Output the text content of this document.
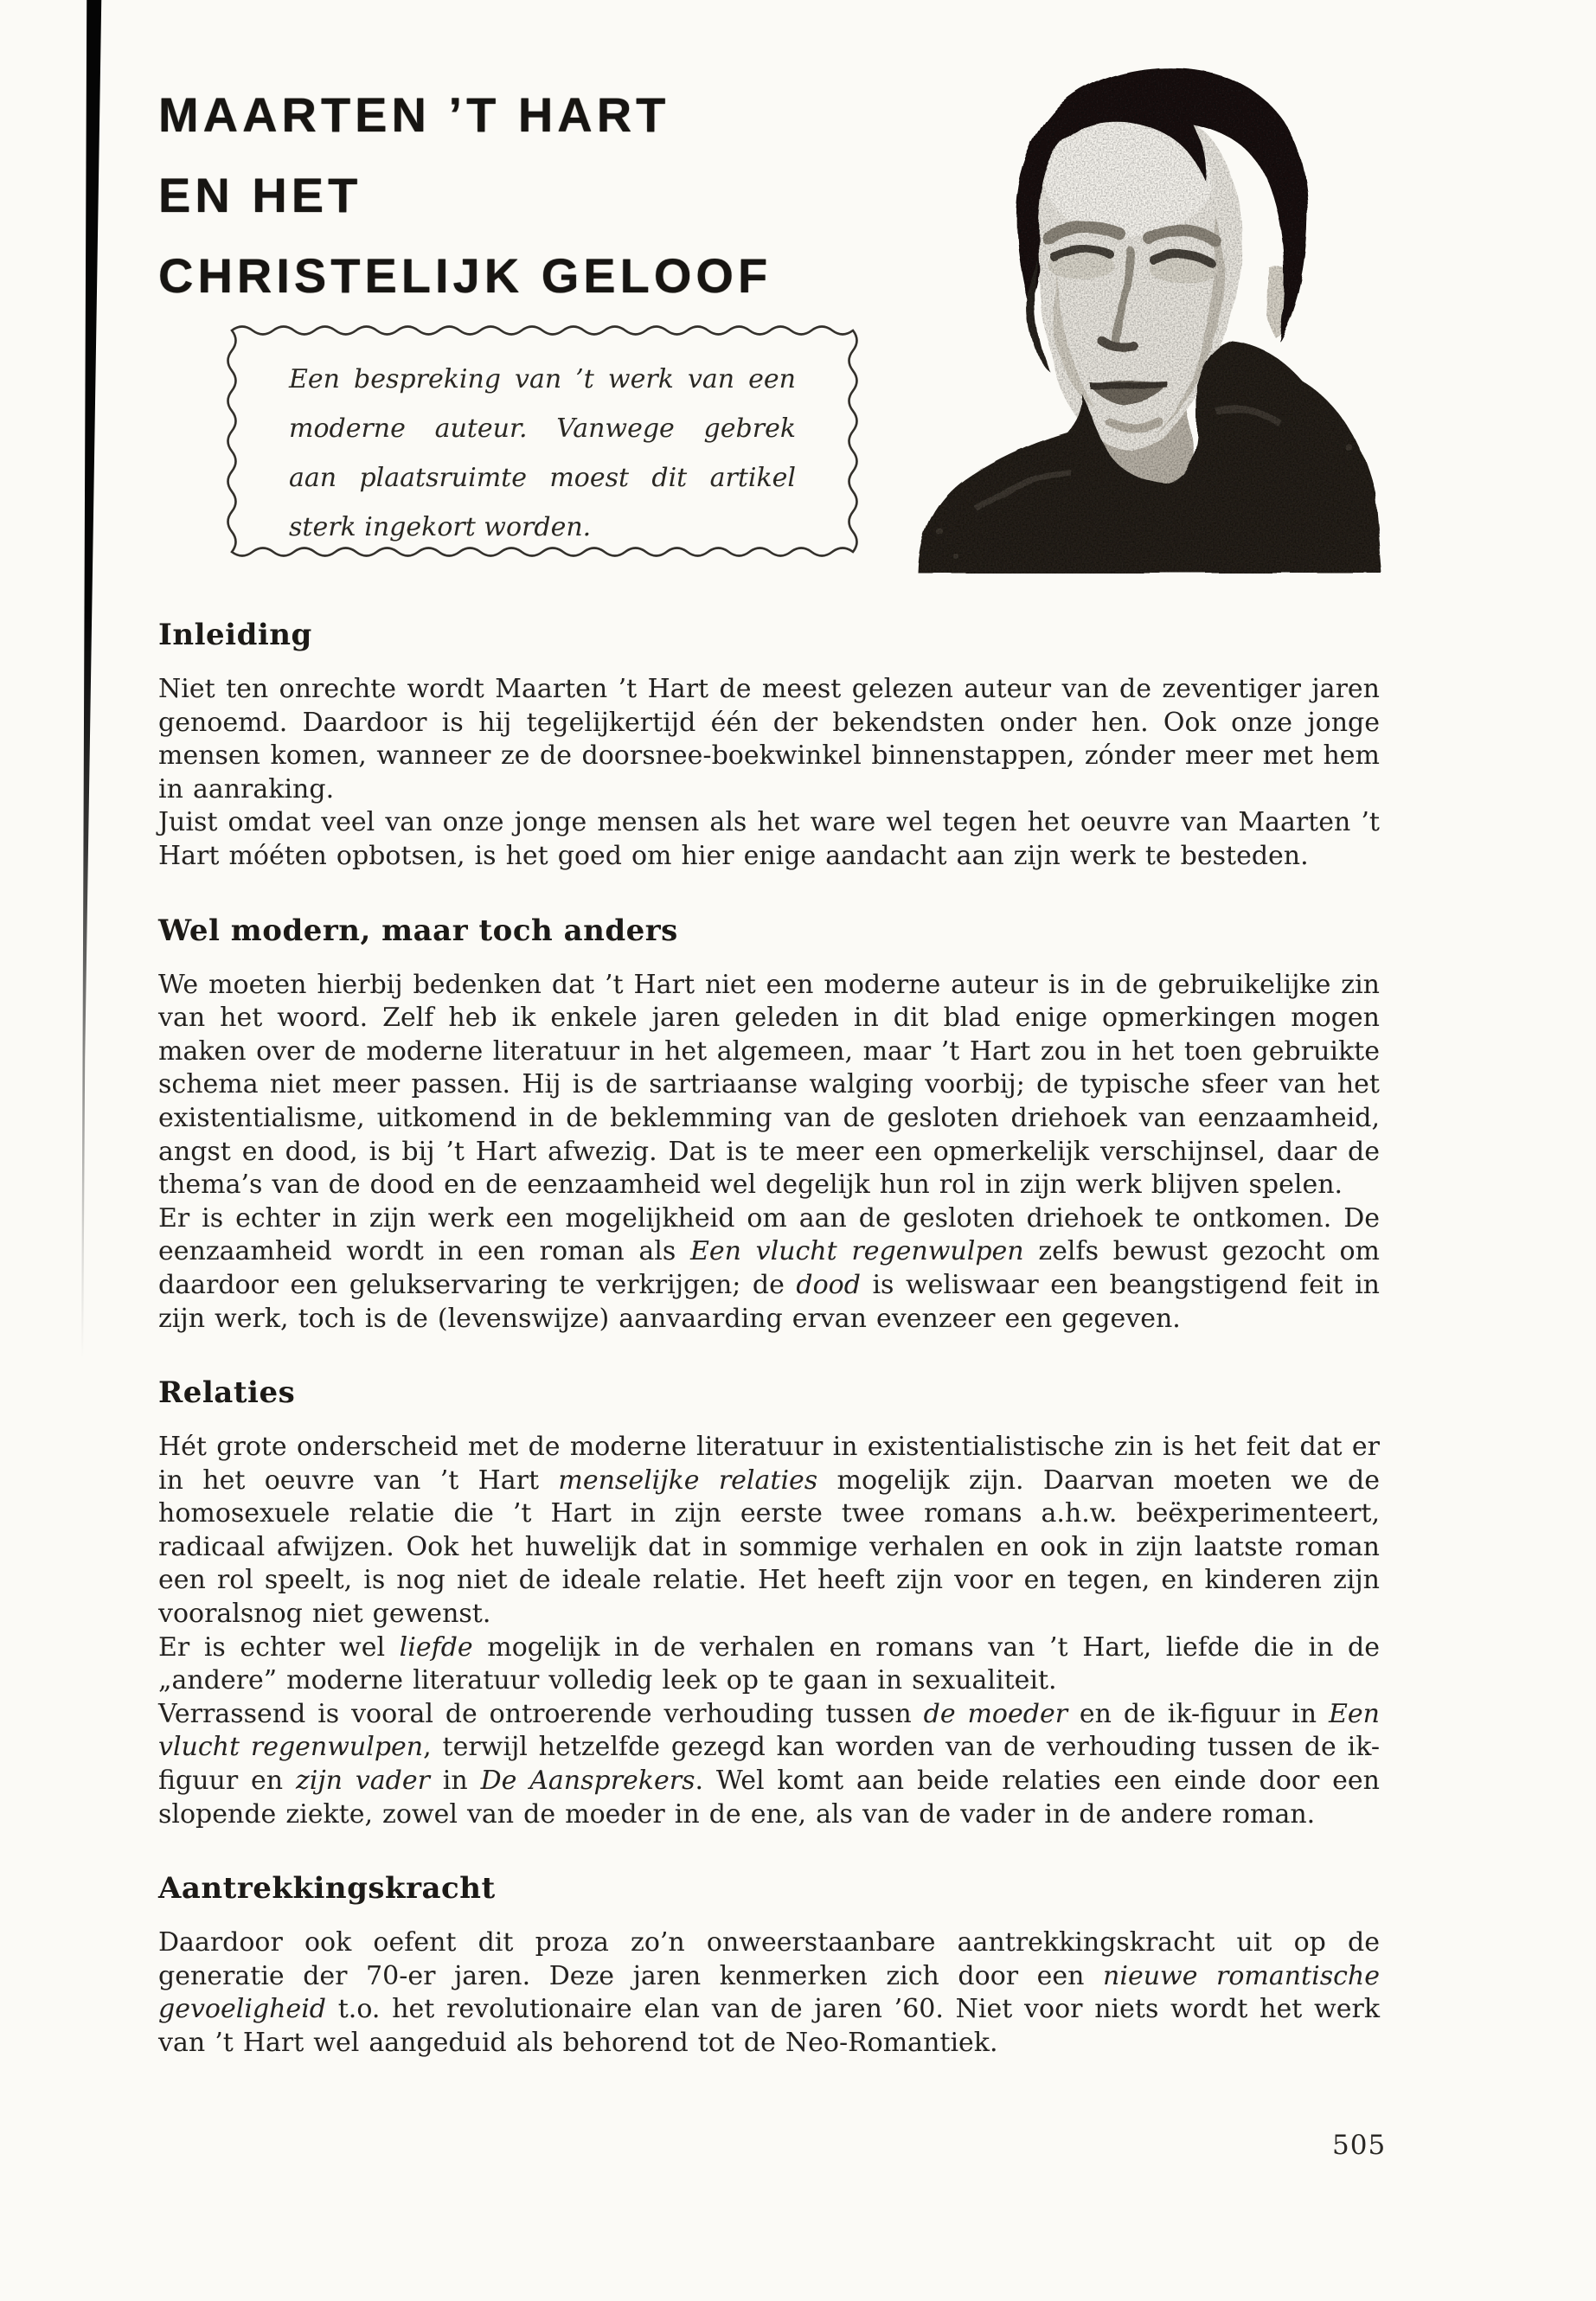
MAARTEN ’T HART
EN HET
CHRISTELIJK GELOOF
Een bespreking van ’t werk van een
moderne auteur. Vanwege gebrek
aan plaatsruimte moest dit artikel
sterk ingekort worden.
Inleiding

Niet ten onrechte wordt Maarten ’t Hart de meest gelezen auteur van de zeventiger jaren genoemd. Daardoor is hij tegelijkertijd één der bekendsten onder hen. Ook onze jonge mensen komen, wanneer ze de doorsnee-boekwinkel binnenstappen, zónder meer met hem in aanraking.

Juist omdat veel van onze jonge mensen als het ware wel tegen het oeuvre van Maarten ’t Hart móéten opbotsen, is het goed om hier enige aandacht aan zijn werk te besteden.

Wel modern, maar toch anders

We moeten hierbij bedenken dat ’t Hart niet een moderne auteur is in de gebruikelijke zin van het woord. Zelf heb ik enkele jaren geleden in dit blad enige opmerkingen mogen maken over de moderne literatuur in het algemeen, maar ’t Hart zou in het toen gebruikte schema niet meer passen. Hij is de sartriaanse walging voorbij; de typische sfeer van het existentialisme, uitkomend in de beklemming van de gesloten driehoek van eenzaamheid, angst en dood, is bij ’t Hart afwezig. Dat is te meer een opmerkelijk verschijnsel, daar de thema’s van de dood en de eenzaamheid wel degelijk hun rol in zijn werk blijven spelen.

Er is echter in zijn werk een mogelijkheid om aan de gesloten driehoek te ontkomen. De eenzaamheid wordt in een roman als Een vlucht regenwulpen zelfs bewust gezocht om daardoor een gelukservaring te verkrijgen; de dood is weliswaar een beangstigend feit in zijn werk, toch is de (levenswijze) aanvaarding ervan evenzeer een gegeven.

Relaties

Hét grote onderscheid met de moderne literatuur in existentialistische zin is het feit dat er in het oeuvre van ’t Hart menselijke relaties mogelijk zijn. Daarvan moeten we de homosexuele relatie die ’t Hart in zijn eerste twee romans a.h.w. beëxperimenteert, radicaal afwijzen. Ook het huwelijk dat in sommige verhalen en ook in zijn laatste roman een rol speelt, is nog niet de ideale relatie. Het heeft zijn voor en tegen, en kinderen zijn vooralsnog niet gewenst.

Er is echter wel liefde mogelijk in de verhalen en romans van ’t Hart, liefde die in de „andere” moderne literatuur volledig leek op te gaan in sexualiteit.

Verrassend is vooral de ontroerende verhouding tussen de moeder en de ik-figuur in Een vlucht regenwulpen, terwijl hetzelfde gezegd kan worden van de verhouding tussen de ik-figuur en zijn vader in De Aansprekers. Wel komt aan beide relaties een einde door een slopende ziekte, zowel van de moeder in de ene, als van de vader in de andere roman.

Aantrekkingskracht

Daardoor ook oefent dit proza zo’n onweerstaanbare aantrekkingskracht uit op de generatie der 70-er jaren. Deze jaren kenmerken zich door een nieuwe romantische gevoeligheid t.o. het revolutionaire elan van de jaren ’60. Niet voor niets wordt het werk van ’t Hart wel aangeduid als behorend tot de Neo-Romantiek.

505
